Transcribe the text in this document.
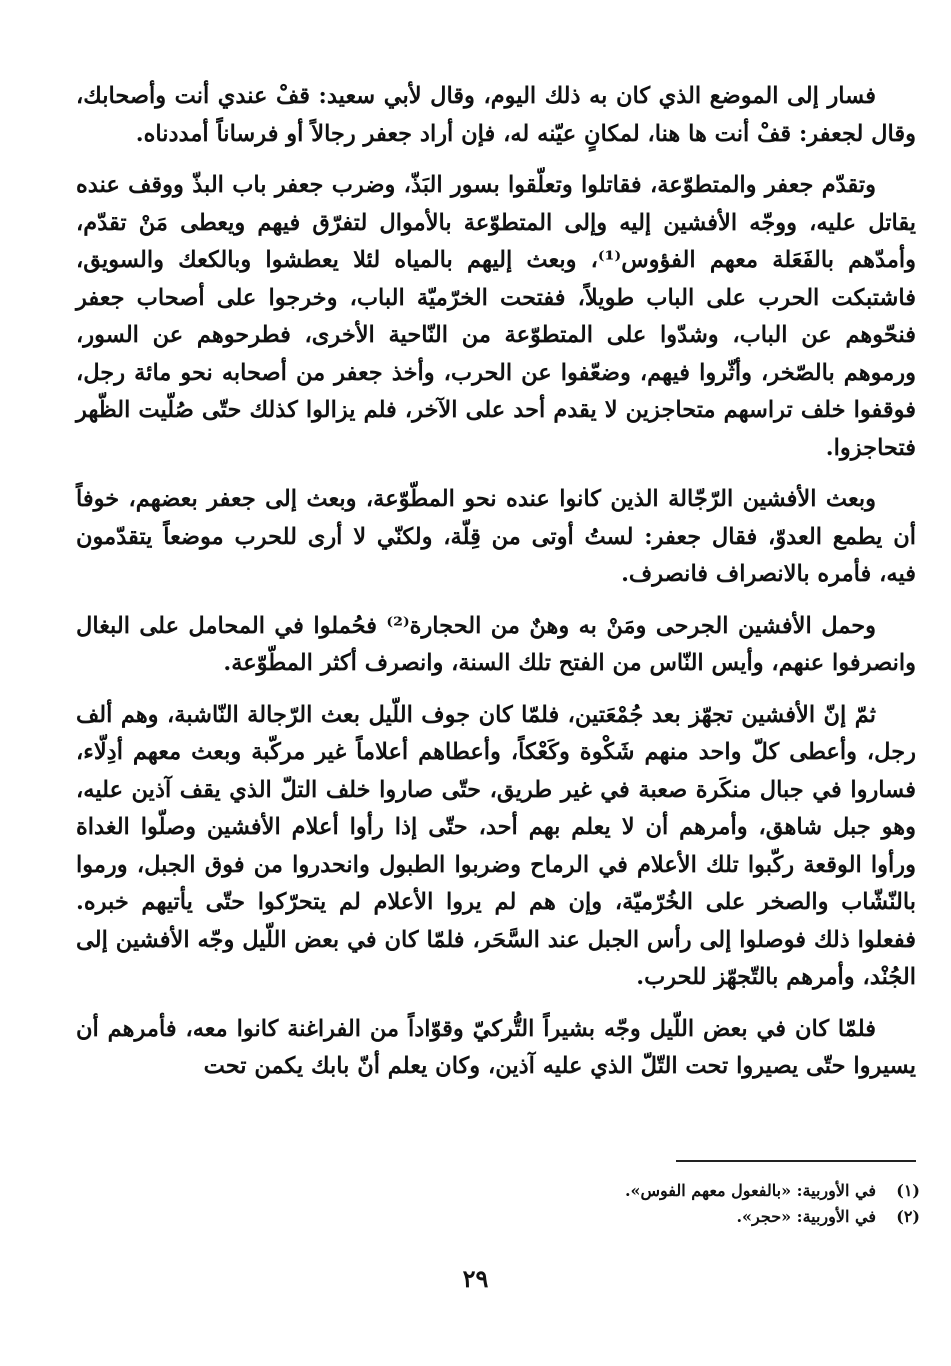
فسار إلى الموضع الذي كان به ذلك اليوم، وقال لأبي سعيد: قفْ عندي أنت وأصحابك، وقال لجعفر: قفْ أنت ها هنا، لمكانٍ عيّنه له، فإن أراد جعفر رجالاً أو فرساناً أمددناه.

وتقدّم جعفر والمتطوّعة، فقاتلوا وتعلّقوا بسور البَذّ، وضرب جعفر باب البذّ ووقف عنده يقاتل عليه، ووجّه الأفشين إليه وإلى المتطوّعة بالأموال لتفرّق فيهم ويعطى مَنْ تقدّم، وأمدّهم بالفَعَلة معهم الفؤوس⁽¹⁾، وبعث إليهم بالمياه لئلا يعطشوا وبالكعك والسويق، فاشتبكت الحرب على الباب طويلاً، ففتحت الخرّميّة الباب، وخرجوا على أصحاب جعفر فنحّوهم عن الباب، وشدّوا على المتطوّعة من النّاحية الأخرى، فطرحوهم عن السور، ورموهم بالصّخر، وأثّروا فيهم، وضعّفوا عن الحرب، وأخذ جعفر من أصحابه نحو مائة رجل، فوقفوا خلف تراسهم متحاجزين لا يقدم أحد على الآخر، فلم يزالوا كذلك حتّى صُلّيت الظّهر فتحاجزوا.

وبعث الأفشين الرّجّالة الذين كانوا عنده نحو المطّوّعة، وبعث إلى جعفر بعضهم، خوفاً أن يطمع العدوّ، فقال جعفر: لستُ أوتى من قِلّة، ولكنّي لا أرى للحرب موضعاً يتقدّمون فيه، فأمره بالانصراف فانصرف.

وحمل الأفشين الجرحى ومَنْ به وهنٌ من الحجارة⁽²⁾ فحُملوا في المحامل على البغال وانصرفوا عنهم، وأيس النّاس من الفتح تلك السنة، وانصرف أكثر المطّوّعة.

ثمّ إنّ الأفشين تجهّز بعد جُمْعَتين، فلمّا كان جوف اللّيل بعث الرّجالة النّاشبة، وهم ألف رجل، وأعطى كلّ واحد منهم شَكْوة وكَعْكاً، وأعطاهم أعلاماً غير مركّبة وبعث معهم أدِلّاء، فساروا في جبال منكَرة صعبة في غير طريق، حتّى صاروا خلف التلّ الذي يقف آذين عليه، وهو جبل شاهق، وأمرهم أن لا يعلم بهم أحد، حتّى إذا رأوا أعلام الأفشين وصلّوا الغداة ورأوا الوقعة ركّبوا تلك الأعلام في الرماح وضربوا الطبول وانحدروا من فوق الجبل، ورموا بالنّشّاب والصخر على الخُرّميّة، وإن هم لم يروا الأعلام لم يتحرّكوا حتّى يأتيهم خبره. ففعلوا ذلك فوصلوا إلى رأس الجبل عند السَّحَر، فلمّا كان في بعض اللّيل وجّه الأفشين إلى الجُنْد، وأمرهم بالتّجهّز للحرب.

فلمّا كان في بعض اللّيل وجّه بشيراً التُّركيّ وقوّاداً من الفراغنة كانوا معه، فأمرهم أن يسيروا حتّى يصيروا تحت التّلّ الذي عليه آذين، وكان يعلم أنّ بابك يكمن تحت

(١)
في الأوربية: «بالفعول معهم الفوس».
(٢)
في الأوربية: «حجر».
٢٩
